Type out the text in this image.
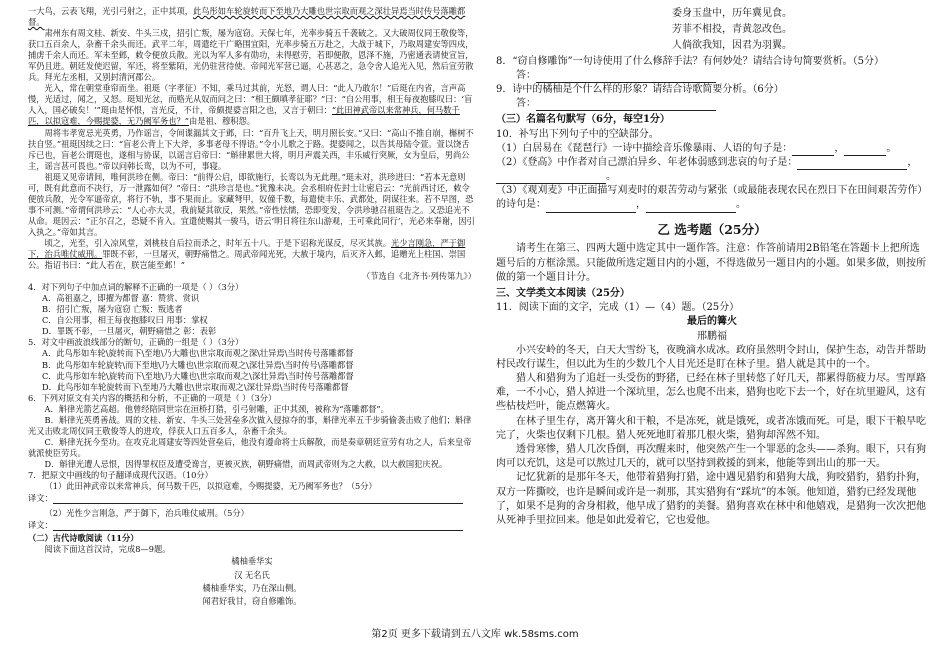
一大鸟，云表飞翔，光引弓射之，正中其项，此鸟彤如车轮旋转而下至地乃大雕也世宗取而观之深壮异焉当时传号落雕都督。

肃州东有周文桂、新安、牛头三戍，招引亡叛，屡为寇窃。天保七年，光率步骑五千袭破之。又大破周仪同王敬俊等，获口五百余人，杂畜千余头而还。武平二年，周遣纥干广略围宜阳，光率步骑五万赴之，大战于城下，乃取周建安等四戍，捕虏千余人而还。军未至邺，敕令便放兵散。光以为军人多有勋功，未得慰劳，若即便散，恩泽不施，乃密通表请使宣旨，军仍且进。朝廷发使迟留，军还，将至紫陌，光仍驻营待使。帝闻光军营已逼，心甚恶之，急令舍人追光入见，然后宣劳散兵。拜光左丞相，又别封清河郡公。

光入，常在朝堂垂帘而坐。祖珽（字孝征）不知，乘马过其前，光怒，谓人曰：“此人乃敢尔！”后珽在内省，言声高慢，光适过，闻之，又怒。珽知光忿，而赂光从奴而问之曰：“相王颇嗔孝征耶？”曰：“自公用事，相王每夜抱膝叹曰：‘盲人入，国必破矣！’”珽由是怀恨，言光反，不计，帝颇提婆言阳之也，又言于朝曰：“此田神武帝以来常神兵，何马数千匹，以拟寇难，今赐提婆，无乃阙军务也？”由是祖、穆积怨。

周将韦孝宽忌光英勇，乃作谣言，令间谍漏其文于邺，曰：“百升飞上天，明月照长安。”又曰：“高山不推自崩，槲树不扶自竖。”祖珽因续之曰：“盲老公背上下大斧，多事老母不得语。”令小儿歌之于路。提婆闻之，以告其母陆令萱。萱以饶舌斥已也，盲老公谓珽也，遂相与协谋，以谣言启帝曰：“斛律累世大将，明月声震关西，丰乐威行突厥，女为皇后，男尚公主，谣言甚可畏也。”帝以问韩长鸾，以为不可，事寝。

祖珽又见帝请间，唯何洪珍在侧。帝曰：“前得公启，即欲施行，长鸾以为无此理。”珽未对，洪珍进曰：“若本无意则可，既有此意而不决行，万一泄露如何？”帝曰：“洪珍言是也。”犹豫未决。会丞相府佐封士让密启云：“光前西讨还，敕令便放兵散，光令军逼帝京，将行不轨，事不果而止。家藏弩甲，奴僮千数，每遣使丰乐、武都处，阴谋往来。若不早图，恐事不可测。”帝谓何洪珍云：“人心亦大灵，我前疑其欲反，果然。”帝性怯懦，恐即变发，令洪珍驰召祖珽告之。又恐追光不从命。珽因云：“正尔召之，恐疑不肯入。宜遣使赐其一骏马，语云‘明日将往东山游观，王可乘此同行’，光必来奉谢，因引入执之。”帝如其言。

顷之，光至，引入凉风堂，刘桃枝自后拉而杀之，时年五十八。于是下诏称光谋反，尽灭其族。光少言刚急，严于御下，治兵唯仗威刑。罪既不彰，一旦屠灭，朝野痛惜之。周武帝闻光死，大赦于境内，后灭齐入邺，追赠光上柱国、崇国公。指诏书曰：“此人若在，朕岂能至邺！”

（节选自《北齐书·列传第九》）

4．对下列句子中加点词的解释不正确的一项是（ ）（3分）

A．高祖嘉之，即擢为都督 嘉：赞赏、赏识

B．招引亡叛，屡为寇窃 亡叛：叛逃者

C．自公用事，相王每夜抱膝叹曰 用事：掌权

D．罪既不彰，一旦屠灭，朝野痛惜之 彰：表彰

5．对文中画波浪线部分的断句，正确的一组是（ ）（3分）

A．此鸟彤如车轮\旋转而下\至地\乃大雕也\世宗取而观之深\壮异焉\当时传号落雕都督

B．此鸟彤如车轮旋转\而下至地\乃大雕也\世宗取而观之\深壮异焉\当时传号\落雕都督

C．此鸟彤如车轮\旋转而下\至地\乃大雕也\世宗取而观之\深壮异焉\当时传号落雕都督

D．此鸟彤如车轮旋转而下\至地乃大雕也\世宗取而观之\深壮异焉\当时传号落雕都督

6．下列对原文有关内容的概括和分析，不正确的一项是（ ）（3分）

A．斛律光箭艺高超。他曾经陪同世宗在洹桥打猎，引弓射雕，正中其颈，被称为“落雕都督”。

B．斛律光英勇善战。周的文桂、新安、牛头三处营垒多次做入侵掠夺的事，斛律光率五千步骑偷袭击败了他们；斛律光又击败北周仪同王敬俊等人的进攻，俘获人口五百多人，杂畜千余头。

C．斛律光抚今至功。在攻克北周建安等四处营垒后，他没有遵命将士兵解散，而是奏章朝廷宣劳有功之人，后来皇帝就派使臣劳兵。

D．斛律光遭人忌恨，因得罪权臣及遭受谗言，更被灭族，朝野痛惜，而周武帝则为之大赦，以大赦国犯庆祝。

7．把原文中画线的句子翻译成现代汉语。（10分）

（1）此田神武帝以来常神兵，何马数千匹，以拟寇难，今赐提婆，无乃阙军务也？（5分）

译文：

（2）光性少言刚急，严于御下，治兵唯仗威刑。（5分）

译文：

（二）古代诗歌阅读（11分）

阅读下面这首汉诗，完成8—9题。

橘柚垂华实

汉 无名氏

橘柚垂华实，乃在深山侧。

闻君好我甘，窃自修雕饰。

委身玉盘中，历年冀见食。

芳菲不相投，青黄忽改色。

人倘欲我知，因君为羽翼。

8．“窃自修雕饰”一句诗使用了什么修辞手法？有何妙处？请结合诗句简要赏析。（5分）

答：

9．诗中的橘柚是个什么样的形象？请结合诗歌简要分析。（6分）

答：

（三）名篇名句默写（6分，每空1分）

10．补写出下列句子中的空缺部分。

（1）白居易在《琵琶行》一诗中描绘音乐像暴雨、人语的句子是：	，	。

（2）《登高》中作者对自己漂泊异乡、年老体弱感到悲哀的句子是：	，

。

（3）《观刈麦》中正面描写刈麦时的艰苦劳动与紧张（或最能表现农民在烈日下在田间艰苦劳作）的诗句是：	，	。

乙 选考题（25分）

请考生在第三、四两大题中选定其中一题作答。注意：作答前请用2B铅笔在答题卡上把所选题号后的方框涂黑。只能做所选定题目内的小题，不得选做另一题目内的小题。如果多做，则按所做的第一个题目计分。

三、文学类文本阅读（25分）

11．阅读下面的文字，完成（1）—（4）题。（25分）

最后的篝火

邢鹏福

小兴安岭的冬天，白天大雪纷飞，夜晚滴水成冰。政府虽然明令封山，保护生态，动告并帮助村民改行谋生，但以此为生的少数几个人目光还是盯在林子里。猎人就是其中的一个。

猎人和猎狗为了追赶一头受伤的野猪，已经在林子里转悠了好几天，都累得筋疲力尽。雪厚路难，一不小心，猎人掉进一个深坑里，怎么也爬不出来，猎狗也吃下去一个，好在坑里避风，这有些枯枝烂叶，能点燃篝火。

在林子里生存，离开篝火和干粮，不是冻死，就是饿死，或者冻饿而死。可是，眼下干粮早吃完了，火柴也仅剩下几根。猎人死死地盯着那几根火柴，猎狗却浑然不知。

透骨寒惨，猎人几次昏倒，再次醒来时，他突然产生一个罪恶的念头——杀狗。眼下，只有狗肉可以充饥，这是可以熬过几天的，就可以坚持到救援的到来，他能等到出山的那一天。

记忆犹新的是那年冬天，他带着猎狗打猎，途中遇见猎豹和猎狗大战，狗咬猎豹，猎豹扑狗，双方一阵撕咬，也许是瞬间或许是一刹那，其实猎狗有“踩坑”的本领。他知道，猎豹已经发现他了，如果不是狗的舍身相救，他早成了猎豹的美餐。猎狗喜欢在林中和他嬉戏，是猎狗一次次把他从死神手里拉回来。他是如此爱着它，它也爱他。

第2页 更多下载请到五八文库 wk.58sms.com
